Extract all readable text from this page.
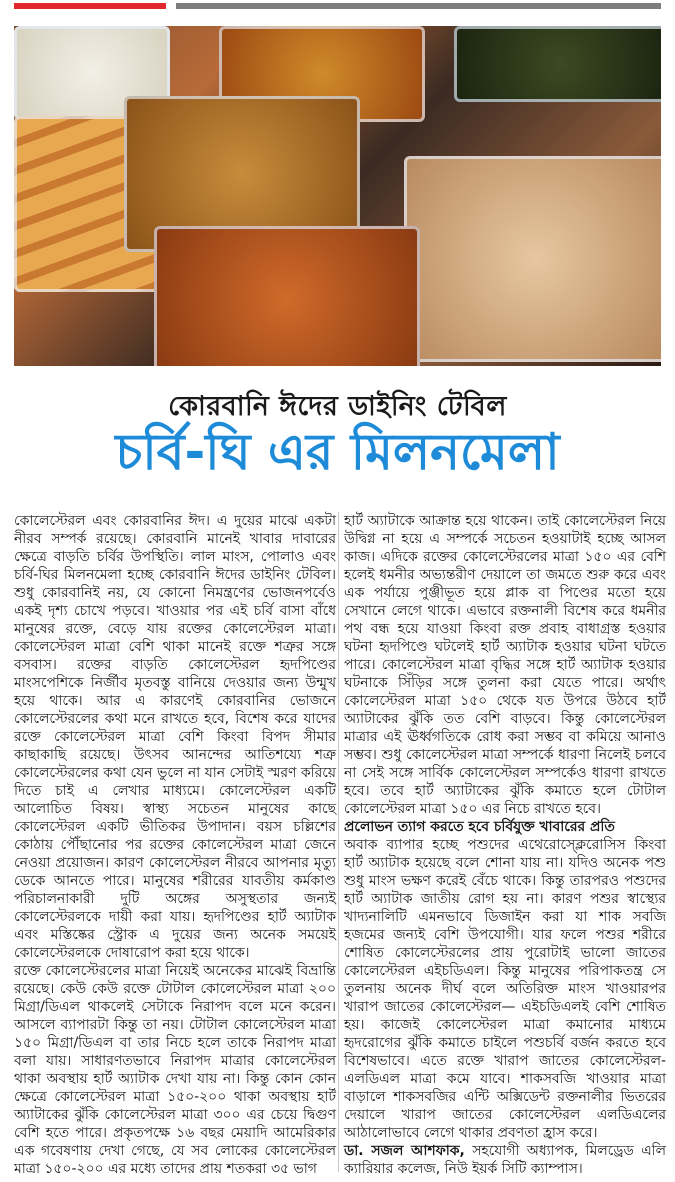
কোরবানি ঈদের ডাইনিং টেবিল
চর্বি-ঘি এর মিলনমেলা

কোলেস্টেরল এবং কোরবানির ঈদ। এ দুয়ের মাঝে একটা নীরব সম্পর্ক রয়েছে। কোরবানি মানেই খাবার দাবারের ক্ষেত্রে বাড়তি চর্বির উপস্থিতি। লাল মাংস, পোলাও এবং চর্বি-ঘির মিলনমেলা হচ্ছে কোরবানি ঈদের ডাইনিং টেবিল। শুধু কোরবানিই নয়, যে কোনো নিমন্ত্রণের ভোজনপর্বেও একই দৃশ্য চোখে পড়বে। খাওয়ার পর এই চর্বি বাসা বাঁধে মানুষের রক্তে, বেড়ে যায় রক্তের কোলেস্টেরল মাত্রা। কোলেস্টেরল মাত্রা বেশি থাকা মানেই রক্তে শত্রুর সঙ্গে বসবাস। রক্তের বাড়তি কোলেস্টেরল হৃদপিণ্ডের মাংসপেশিকে নির্জীব মৃতবস্তু বানিয়ে দেওয়ার জন্য উন্মুখ হয়ে থাকে। আর এ কারণেই কোরবানির ভোজনে কোলেস্টেরলের কথা মনে রাখতে হবে, বিশেষ করে যাদের রক্তে কোলেস্টেরল মাত্রা বেশি কিংবা বিপদ সীমার কাছাকাছি রয়েছে। উৎসব আনন্দের আতিশয্যে শত্রু কোলেস্টেরলের কথা যেন ভুলে না যান সেটাই স্মরণ করিয়ে দিতে চাই এ লেখার মাধ্যমে। কোলেস্টেরল একটি আলোচিত বিষয়। স্বাস্থ্য সচেতন মানুষের কাছে কোলেস্টেরল একটি ভীতিকর উপাদান। বয়স চল্লিশের কোঠায় পৌঁছানোর পর রক্তের কোলেস্টেরল মাত্রা জেনে নেওয়া প্রয়োজন। কারণ কোলেস্টেরল নীরবে আপনার মৃত্যু ডেকে আনতে পারে। মানুষের শরীরের যাবতীয় কর্মকাণ্ড পরিচালনাকারী দুটি অঙ্গের অসুস্থতার জন্যই কোলেস্টেরলকে দায়ী করা যায়। হৃদপিণ্ডের হার্ট অ্যাটাক এবং মস্তিষ্কের স্ট্রোক এ দুয়ের জন্য অনেক সময়েই কোলেস্টেরলকে দোষারোপ করা হয়ে থাকে।

রক্তে কোলেস্টেরলের মাত্রা নিয়েই অনেকের মাঝেই বিভ্রান্তি রয়েছে। কেউ কেউ রক্তে টোটাল কোলেস্টেরল মাত্রা ২০০ মিগ্রা/ডিএল থাকলেই সেটাকে নিরাপদ বলে মনে করেন। আসলে ব্যাপারটা কিন্তু তা নয়। টোটাল কোলেস্টেরল মাত্রা ১৫০ মিগ্রা/ডিএল বা তার নিচে হলে তাকে নিরাপদ মাত্রা বলা যায়। সাধারণতভাবে নিরাপদ মাত্রার কোলেস্টেরল থাকা অবস্থায় হার্ট অ্যাটাক দেখা যায় না। কিন্তু কোন কোন ক্ষেত্রে কোলেস্টেরল মাত্রা ১৫০-২০০ থাকা অবস্থায় হার্ট অ্যাটাকের ঝুঁকি কোলেস্টেরল মাত্রা ৩০০ এর চেয়ে দ্বিগুণ বেশি হতে পারে। প্রকৃতপক্ষে ১৬ বছর মেয়াদি আমেরিকার এক গবেষণায় দেখা গেছে, যে সব লোকের কোলেস্টেরল মাত্রা ১৫০-২০০ এর মধ্যে তাদের প্রায় শতকরা ৩৫ ভাগ

হার্ট অ্যাটাকে আক্রান্ত হয়ে থাকেন। তাই কোলেস্টেরল নিয়ে উদ্বিগ্ন না হয়ে এ সম্পর্কে সচেতন হওয়াটাই হচ্ছে আসল কাজ। এদিকে রক্তের কোলেস্টেরলের মাত্রা ১৫০ এর বেশি হলেই ধমনীর অভ্যন্তরীণ দেয়ালে তা জমতে শুরু করে এবং এক পর্যায়ে পুঞ্জীভূত হয়ে প্লাক বা পিণ্ডের মতো হয়ে সেখানে লেগে থাকে। এভাবে রক্তনালী বিশেষ করে ধমনীর পথ বন্ধ হয়ে যাওয়া কিংবা রক্ত প্রবাহ বাধাগ্রস্ত হওয়ার ঘটনা হৃদপিণ্ডে ঘটলেই হার্ট অ্যাটাক হওয়ার ঘটনা ঘটতে পারে। কোলেস্টেরল মাত্রা বৃদ্ধির সঙ্গে হার্ট অ্যাটাক হওয়ার ঘটনাকে সিঁড়ির সঙ্গে তুলনা করা যেতে পারে। অর্থাৎ কোলেস্টেরল মাত্রা ১৫০ থেকে যত উপরে উঠবে হার্ট অ্যাটাকের ঝুঁকি তত বেশি বাড়বে। কিন্তু কোলেস্টেরল মাত্রার এই ঊর্ধ্বগতিকে রোধ করা সম্ভব বা কমিয়ে আনাও সম্ভব। শুধু কোলেস্টেরল মাত্রা সম্পর্কে ধারণা নিলেই চলবে না সেই সঙ্গে সার্বিক কোলেস্টেরল সম্পর্কেও ধারণা রাখতে হবে। তবে হার্ট অ্যাটাকের ঝুঁকি কমাতে হলে টোটাল কোলেস্টেরল মাত্রা ১৫০ এর নিচে রাখতে হবে।

প্রলোভন ত্যাগ করতে হবে চর্বিযুক্ত খাবারের প্রতি

অবাক ব্যাপার হচ্ছে পশুদের এথেরোস্ক্লেরোসিস কিংবা হার্ট অ্যাটাক হয়েছে বলে শোনা যায় না। যদিও অনেক পশু শুধু মাংস ভক্ষণ করেই বেঁচে থাকে। কিন্তু তারপরও পশুদের হার্ট অ্যাটাক জাতীয় রোগ হয় না। কারণ পশুর স্বাস্থ্যের খাদ্যনালিটি এমনভাবে ডিজাইন করা যা শাক সবজি হজমের জন্যই বেশি উপযোগী। যার ফলে পশুর শরীরে শোষিত কোলেস্টেরলের প্রায় পুরোটাই ভালো জাতের কোলেস্টেরল এইচডিএল। কিন্তু মানুষের পরিপাকতন্ত্র সে তুলনায় অনেক দীর্ঘ বলে অতিরিক্ত মাংস খাওয়ারপর খারাপ জাতের কোলেস্টেরল— এইচডিএলই বেশি শোষিত হয়। কাজেই কোলেস্টেরল মাত্রা কমানোর মাধ্যমে হৃদরোগের ঝুঁকি কমাতে চাইলে পশুচর্বি বর্জন করতে হবে বিশেষভাবে। এতে রক্তে খারাপ জাতের কোলেস্টেরল-এলডিএল মাত্রা কমে যাবে। শাকসবজি খাওয়ার মাত্রা বাড়ালে শাকসবজির এন্টি অক্সিডেন্ট রক্তনালীর ভিতরের দেয়ালে খারাপ জাতের কোলেস্টেরল এলডিএলের আঠালোভাবে লেগে থাকার প্রবণতা হ্রাস করে।

ডা. সজল আশফাক, সহযোগী অধ্যাপক, মিলড্রেড এলি ক্যারিয়ার কলেজ, নিউ ইয়র্ক সিটি ক্যাম্পাস।
